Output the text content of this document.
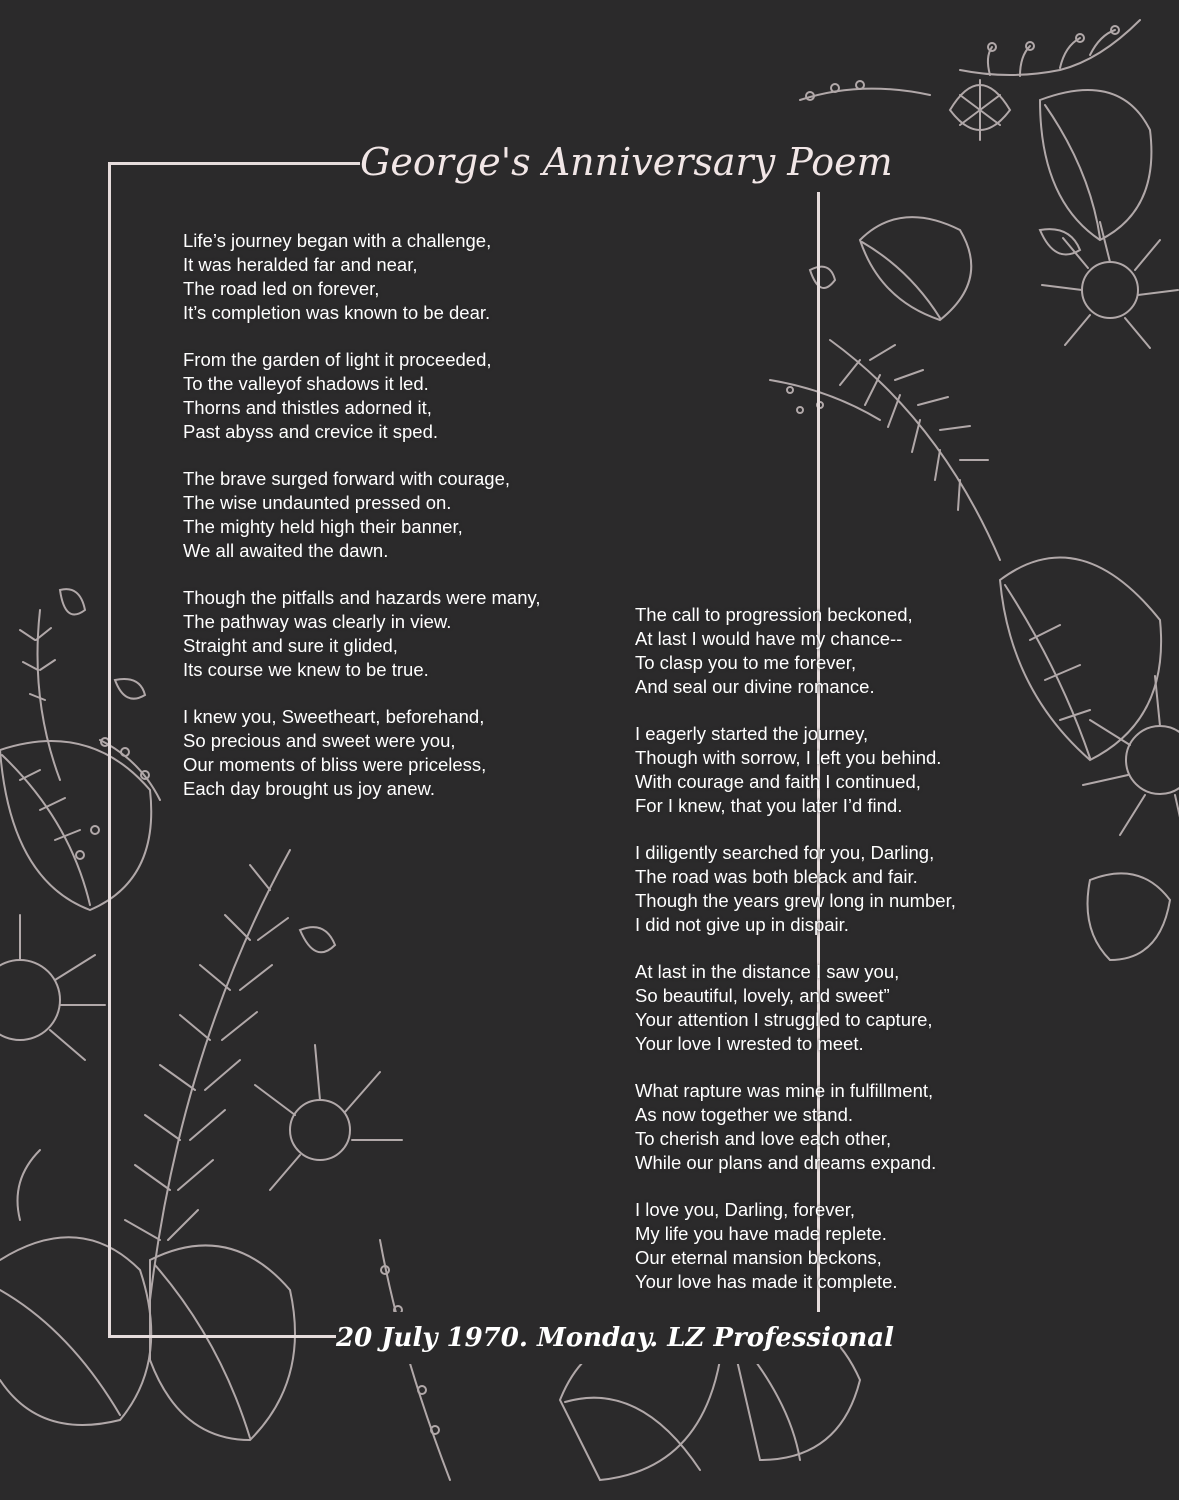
George's Anniversary Poem
Life’s journey began with a challenge,
It was heralded far and near,
The road led on forever,
It’s completion was known to be dear.
From the garden of light it proceeded,
To the valleyof shadows it led.
Thorns and thistles adorned it,
Past abyss and crevice it sped.
The brave surged forward with courage,
The wise undaunted pressed on.
The mighty held high their banner,
We all awaited the dawn.
Though the pitfalls and hazards were many,
The pathway was clearly in view.
Straight and sure it glided,
Its course we knew to be true.
I knew you, Sweetheart, beforehand,
So precious and sweet were you,
Our moments of bliss were priceless,
Each day brought us joy anew.
The call to progression beckoned,
At last I would have my chance--
To clasp you to me forever,
And seal our divine romance.
I eagerly started the journey,
Though with sorrow, I left you behind.
With courage and faith I continued,
For I knew, that you later I’d find.
I diligently searched for you, Darling,
The road was both bleack and fair.
Though the years grew long in number,
I did not give up in dispair.
At last in the distance I saw you,
So beautiful, lovely, and sweet”
Your attention I struggled to capture,
Your love I wrested to meet.
What rapture was mine in fulfillment,
As now together we stand.
To cherish and love each other,
While our plans and dreams expand.
I love you, Darling, forever,
My life you have made replete.
Our eternal mansion beckons,
Your love has made it complete.
20 July 1970. Monday. LZ Professional
